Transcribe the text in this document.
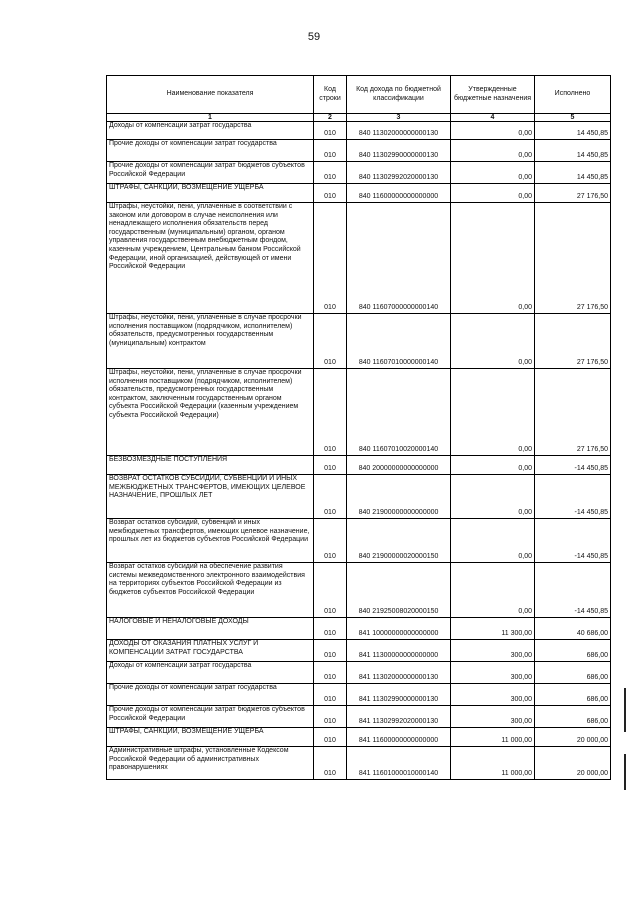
59
Наименование показателя	Код строки	Код дохода по бюджетной классификации	Утвержденные бюджетные назначения	Исполнено
1	2	3	4	5
Доходы от компенсации затрат государства	010	840 11302000000000130	0,00	14 450,85
Прочие доходы от компенсации затрат государства	010	840 11302990000000130	0,00	14 450,85
Прочие доходы от компенсации затрат бюджетов субъектов Российской Федерации	010	840 11302992020000130	0,00	14 450,85
ШТРАФЫ, САНКЦИИ, ВОЗМЕЩЕНИЕ УЩЕРБА	010	840 11600000000000000	0,00	27 176,50
Штрафы, неустойки, пени, уплаченные в соответствии с законом или договором в случае неисполнения или ненадлежащего исполнения обязательств перед государственным (муниципальным) органом, органом управления государственным внебюджетным фондом, казенным учреждением, Центральным банком Российской Федерации, иной организацией, действующей от имени Российской Федерации	010	840 11607000000000140	0,00	27 176,50
Штрафы, неустойки, пени, уплаченные в случае просрочки исполнения поставщиком (подрядчиком, исполнителем) обязательств, предусмотренных государственным (муниципальным) контрактом	010	840 11607010000000140	0,00	27 176,50
Штрафы, неустойки, пени, уплаченные в случае просрочки исполнения поставщиком (подрядчиком, исполнителем) обязательств, предусмотренных государственным контрактом, заключенным государственным органом субъекта Российской Федерации (казенным учреждением субъекта Российской Федерации)	010	840 11607010020000140	0,00	27 176,50
БЕЗВОЗМЕЗДНЫЕ ПОСТУПЛЕНИЯ	010	840 20000000000000000	0,00	-14 450,85
ВОЗВРАТ ОСТАТКОВ СУБСИДИЙ, СУБВЕНЦИЙ И ИНЫХ МЕЖБЮДЖЕТНЫХ ТРАНСФЕРТОВ, ИМЕЮЩИХ ЦЕЛЕВОЕ НАЗНАЧЕНИЕ, ПРОШЛЫХ ЛЕТ	010	840 21900000000000000	0,00	-14 450,85
Возврат остатков субсидий, субвенций и иных межбюджетных трансфертов, имеющих целевое назначение, прошлых лет из бюджетов субъектов Российской Федерации	010	840 21900000020000150	0,00	-14 450,85
Возврат остатков субсидий на обеспечение развития системы межведомственного электронного взаимодействия на территориях субъектов Российской Федерации из бюджетов субъектов Российской Федерации	010	840 21925008020000150	0,00	-14 450,85
НАЛОГОВЫЕ И НЕНАЛОГОВЫЕ ДОХОДЫ	010	841 10000000000000000	11 300,00	40 686,00
ДОХОДЫ ОТ ОКАЗАНИЯ ПЛАТНЫХ УСЛУГ И КОМПЕНСАЦИИ ЗАТРАТ ГОСУДАРСТВА	010	841 11300000000000000	300,00	686,00
Доходы от компенсации затрат государства	010	841 11302000000000130	300,00	686,00
Прочие доходы от компенсации затрат государства	010	841 11302990000000130	300,00	686,00
Прочие доходы от компенсации затрат бюджетов субъектов Российской Федерации	010	841 11302992020000130	300,00	686,00
ШТРАФЫ, САНКЦИИ, ВОЗМЕЩЕНИЕ УЩЕРБА	010	841 11600000000000000	11 000,00	20 000,00
Административные штрафы, установленные Кодексом Российской Федерации об административных правонарушениях	010	841 11601000010000140	11 000,00	20 000,00
